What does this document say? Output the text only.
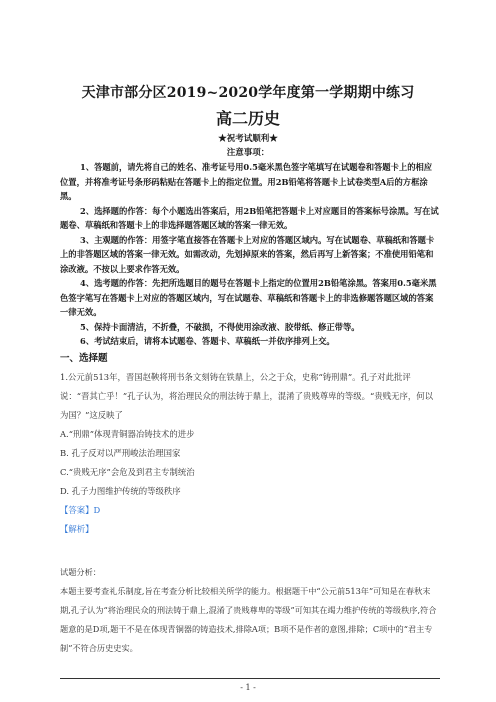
天津市部分区2019~2020学年度第一学期期中练习
高二历史
★祝考试顺利★
注意事项：

1、答题前，请先将自己的姓名、准考证号用0.5毫米黑色签字笔填写在试题卷和答题卡上的相应位置，并将准考证号条形码粘贴在答题卡上的指定位置。用2B铅笔将答题卡上试卷类型A后的方框涂黑。

2、选择题的作答：每个小题选出答案后，用2B铅笔把答题卡上对应题目的答案标号涂黑。写在试题卷、草稿纸和答题卡上的非选择题答题区域的答案一律无效。

3、主观题的作答：用签字笔直接答在答题卡上对应的答题区域内。写在试题卷、草稿纸和答题卡上的非答题区域的答案一律无效。如需改动，先划掉原来的答案，然后再写上新答案；不准使用铅笔和涂改液。不按以上要求作答无效。

4、选考题的作答：先把所选题目的题号在答题卡上指定的位置用2B铅笔涂黑。答案用0.5毫米黑色签字笔写在答题卡上对应的答题区域内，写在试题卷、草稿纸和答题卡上的非选修题答题区域的答案一律无效。

5、保持卡面清洁，不折叠，不破损，不得使用涂改液、胶带纸、修正带等。

6、考试结束后，请将本试题卷、答题卡、草稿纸一并依序排列上交。

一、选择题

1.公元前513年，晋国赵鞅将刑书条文刻铸在铁鼎上，公之于众，史称“铸刑鼎”。孔子对此批评说：“晋其亡乎！”孔子认为，将治理民众的刑法铸于鼎上，混淆了贵贱尊卑的等级。“贵贱无序，何以为国？”这反映了

A.“刑鼎”体现青铜器冶铸技术的进步

B. 孔子反对以严刑峻法治理国家

C.“贵贱无序”会危及到君主专制统治

D. 孔子力图维护传统的等级秩序

【答案】D

【解析】

试题分析：

本题主要考查礼乐制度,旨在考查分析比较相关所学的能力。根据题干中“公元前513年”可知是在春秋末期,孔子认为“将治理民众的刑法铸于鼎上,混淆了贵贱尊卑的等级”可知其在竭力维护传统的等级秩序,符合题意的是D项,题干不是在体现青铜器的铸造技术,排除A项；B项不是作者的意图,排除；C项中的“君主专制”不符合历史史实。

- 1 -
